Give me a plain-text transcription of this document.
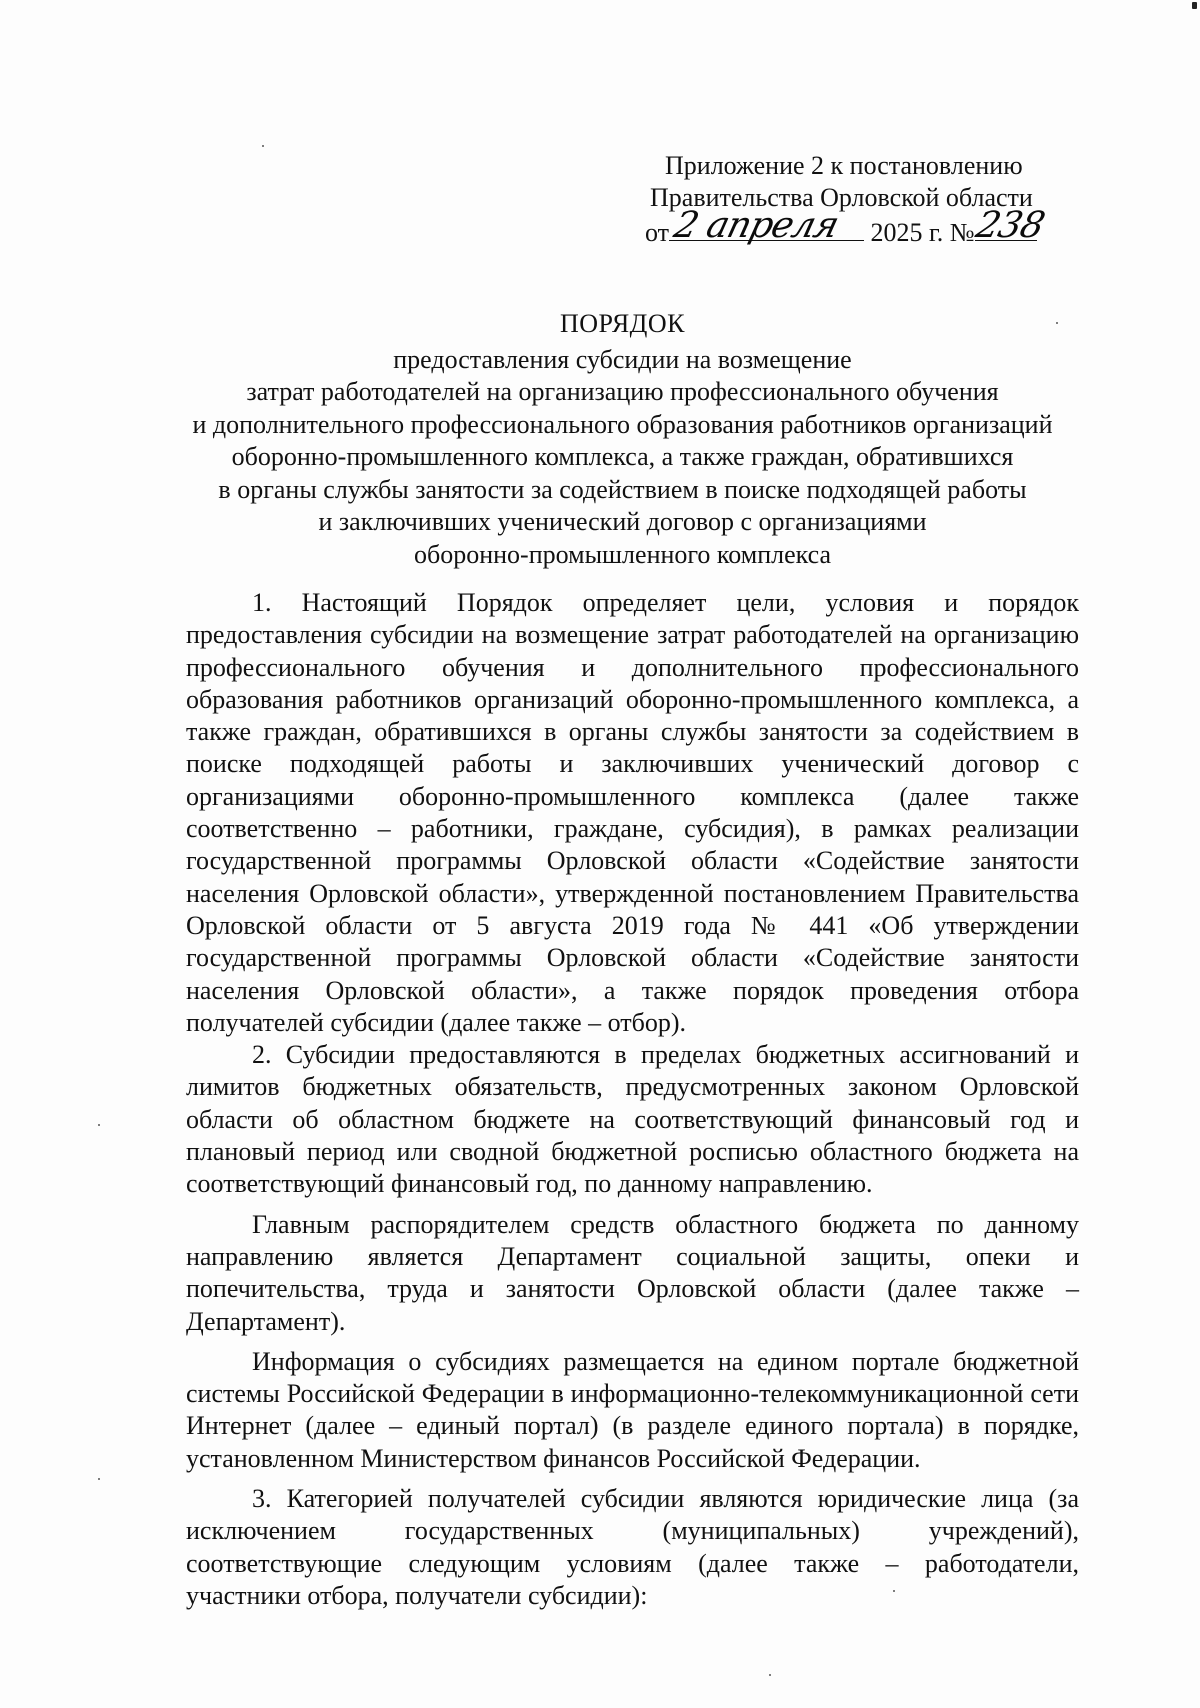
Приложение 2 к постановлению
Правительства Орловской области
от 2 апреля 2025 г. №
238
ПОРЯДОК
предоставления субсидии на возмещение
затрат работодателей на организацию профессионального обучения
и дополнительного профессионального образования работников организаций
оборонно-промышленного комплекса, а также граждан, обратившихся
в органы службы занятости за содействием в поиске подходящей работы
и заключивших ученический договор с организациями
оборонно-промышленного комплекса

1. Настоящий Порядок определяет цели, условия и порядок предоставления субсидии на возмещение затрат работодателей на организацию профессионального обучения и дополнительного профессионального образования работников организаций оборонно-промышленного комплекса, а также граждан, обратившихся в органы службы занятости за содействием в поиске подходящей работы и заключивших ученический договор с организациями оборонно-промышленного комплекса (далее также соответственно – работники, граждане, субсидия), в рамках реализации государственной программы Орловской области «Содействие занятости населения Орловской области», утвержденной постановлением Правительства Орловской области от 5 августа 2019 года № 441 «Об утверждении государственной программы Орловской области «Содействие занятости населения Орловской области», а также порядок проведения отбора получателей субсидии (далее также – отбор).

2. Субсидии предоставляются в пределах бюджетных ассигнований и лимитов бюджетных обязательств, предусмотренных законом Орловской области об областном бюджете на соответствующий финансовый год и плановый период или сводной бюджетной росписью областного бюджета на соответствующий финансовый год, по данному направлению.

Главным распорядителем средств областного бюджета по данному направлению является Департамент социальной защиты, опеки и попечительства, труда и занятости Орловской области (далее также – Департамент).

Информация о субсидиях размещается на едином портале бюджетной системы Российской Федерации в информационно-телекоммуникационной сети Интернет (далее – единый портал) (в разделе единого портала) в порядке, установленном Министерством финансов Российской Федерации.

3. Категорией получателей субсидии являются юридические лица (за исключением государственных (муниципальных) учреждений), соответствующие следующим условиям (далее также – работодатели, участники отбора, получатели субсидии):
